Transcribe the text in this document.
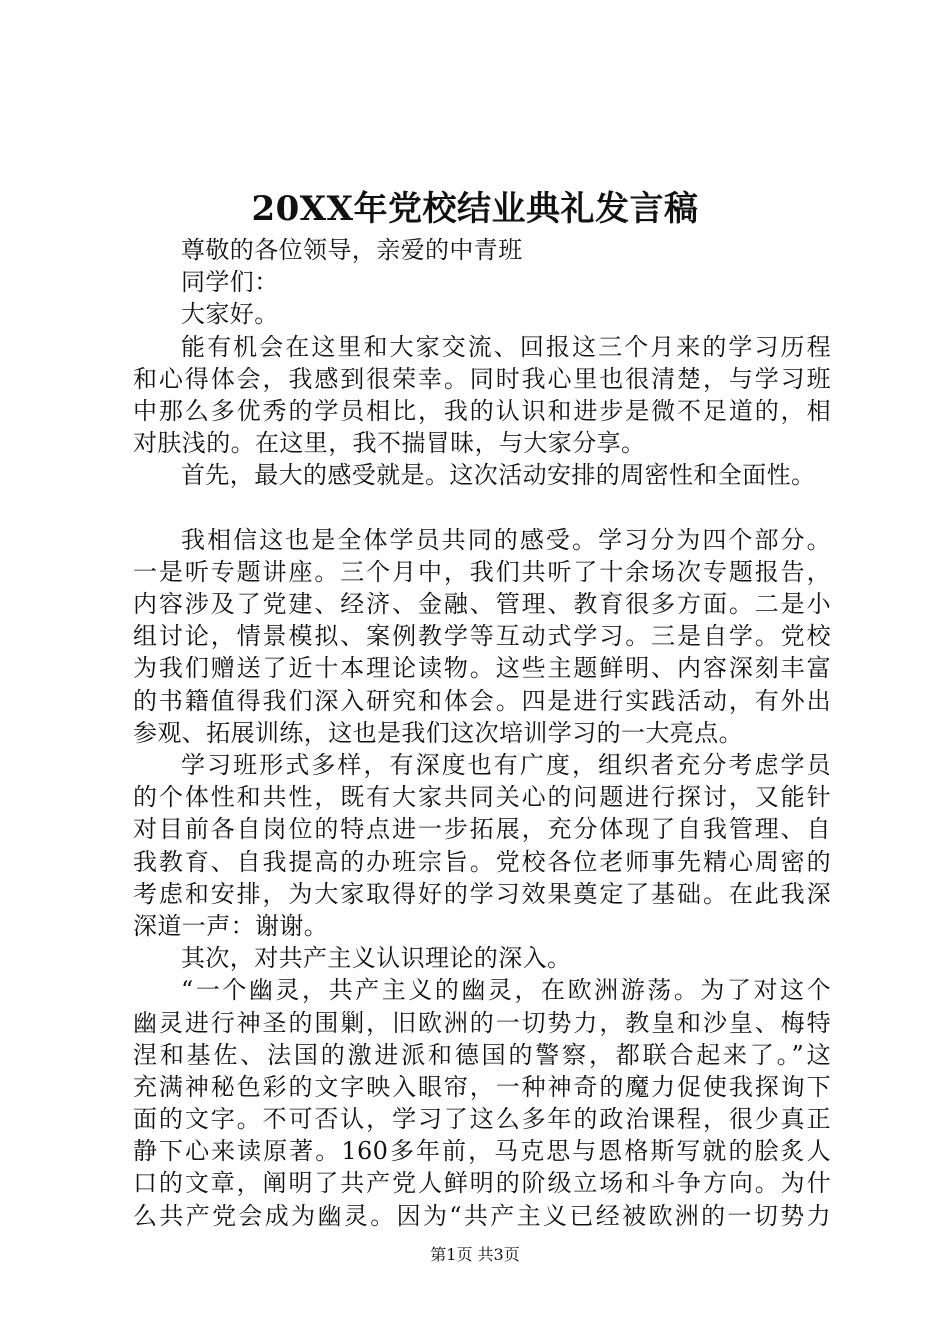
20XX年党校结业典礼发言稿
尊敬的各位领导，亲爱的中青班
同学们：
大家好。
能有机会在这里和大家交流、回报这三个月来的学习历程
和心得体会，我感到很荣幸。同时我心里也很清楚，与学习班
中那么多优秀的学员相比，我的认识和进步是微不足道的，相
对肤浅的。在这里，我不揣冒昧，与大家分享。
首先，最大的感受就是。这次活动安排的周密性和全面性。
我相信这也是全体学员共同的感受。学习分为四个部分。
一是听专题讲座。三个月中，我们共听了十余场次专题报告，
内容涉及了党建、经济、金融、管理、教育很多方面。二是小
组讨论，情景模拟、案例教学等互动式学习。三是自学。党校
为我们赠送了近十本理论读物。这些主题鲜明、内容深刻丰富
的书籍值得我们深入研究和体会。四是进行实践活动，有外出
参观、拓展训练，这也是我们这次培训学习的一大亮点。
学习班形式多样，有深度也有广度，组织者充分考虑学员
的个体性和共性，既有大家共同关心的问题进行探讨，又能针
对目前各自岗位的特点进一步拓展，充分体现了自我管理、自
我教育、自我提高的办班宗旨。党校各位老师事先精心周密的
考虑和安排，为大家取得好的学习效果奠定了基础。在此我深
深道一声：谢谢。
其次，对共产主义认识理论的深入。
“一个幽灵，共产主义的幽灵，在欧洲游荡。为了对这个
幽灵进行神圣的围剿，旧欧洲的一切势力，教皇和沙皇、梅特
涅和基佐、法国的激进派和德国的警察，都联合起来了。”这
充满神秘色彩的文字映入眼帘，一种神奇的魔力促使我探询下
面的文字。不可否认，学习了这么多年的政治课程，很少真正
静下心来读原著。160多年前，马克思与恩格斯写就的脍炙人
口的文章，阐明了共产党人鲜明的阶级立场和斗争方向。为什
么共产党会成为幽灵。因为“共产主义已经被欧洲的一切势力
第1页 共3页
